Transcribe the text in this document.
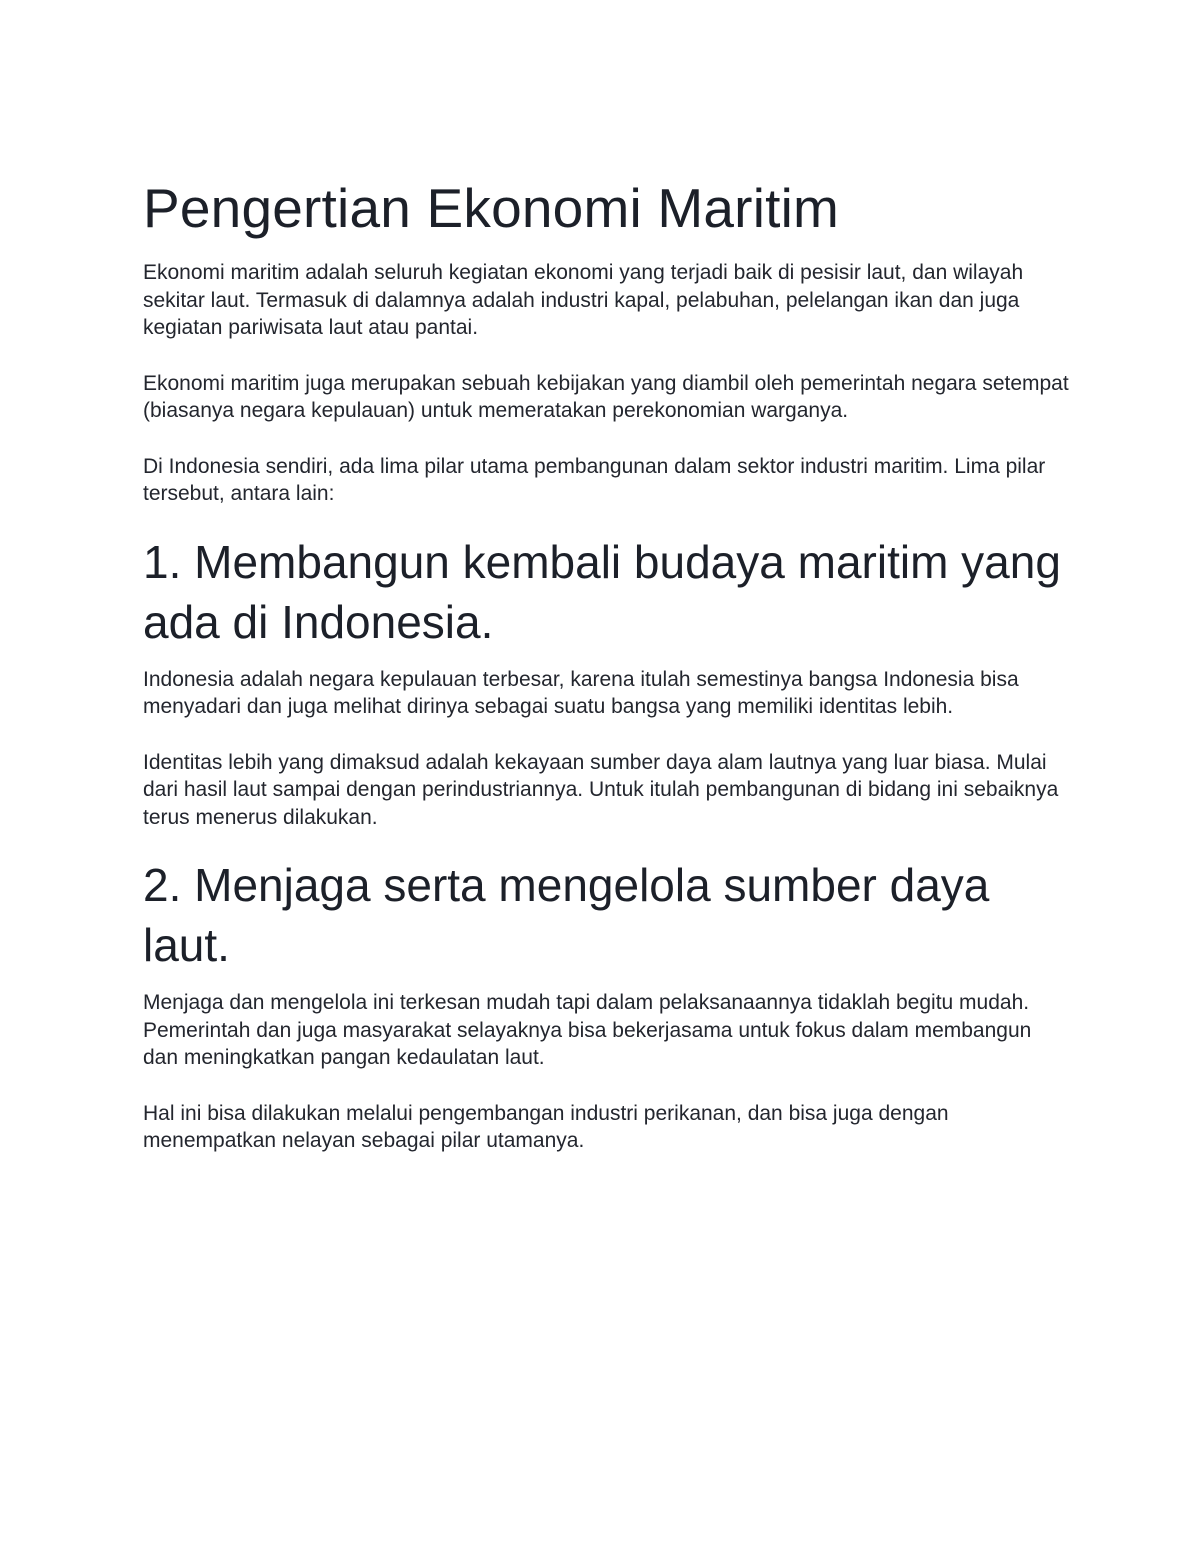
Pengertian Ekonomi Maritim

Ekonomi maritim adalah seluruh kegiatan ekonomi yang terjadi baik di pesisir laut, dan wilayah sekitar laut. Termasuk di dalamnya adalah industri kapal, pelabuhan, pelelangan ikan dan juga kegiatan pariwisata laut atau pantai.

Ekonomi maritim juga merupakan sebuah kebijakan yang diambil oleh pemerintah negara setempat (biasanya negara kepulauan) untuk memeratakan perekonomian warganya.

Di Indonesia sendiri, ada lima pilar utama pembangunan dalam sektor industri maritim. Lima pilar tersebut, antara lain:

1. Membangun kembali budaya maritim yang ada di Indonesia.

Indonesia adalah negara kepulauan terbesar, karena itulah semestinya bangsa Indonesia bisa menyadari dan juga melihat dirinya sebagai suatu bangsa yang memiliki identitas lebih.

Identitas lebih yang dimaksud adalah kekayaan sumber daya alam lautnya yang luar biasa. Mulai dari hasil laut sampai dengan perindustriannya. Untuk itulah pembangunan di bidang ini sebaiknya terus menerus dilakukan.

2. Menjaga serta mengelola sumber daya laut.

Menjaga dan mengelola ini terkesan mudah tapi dalam pelaksanaannya tidaklah begitu mudah. Pemerintah dan juga masyarakat selayaknya bisa bekerjasama untuk fokus dalam membangun dan meningkatkan pangan kedaulatan laut.

Hal ini bisa dilakukan melalui pengembangan industri perikanan, dan bisa juga dengan menempatkan nelayan sebagai pilar utamanya.
